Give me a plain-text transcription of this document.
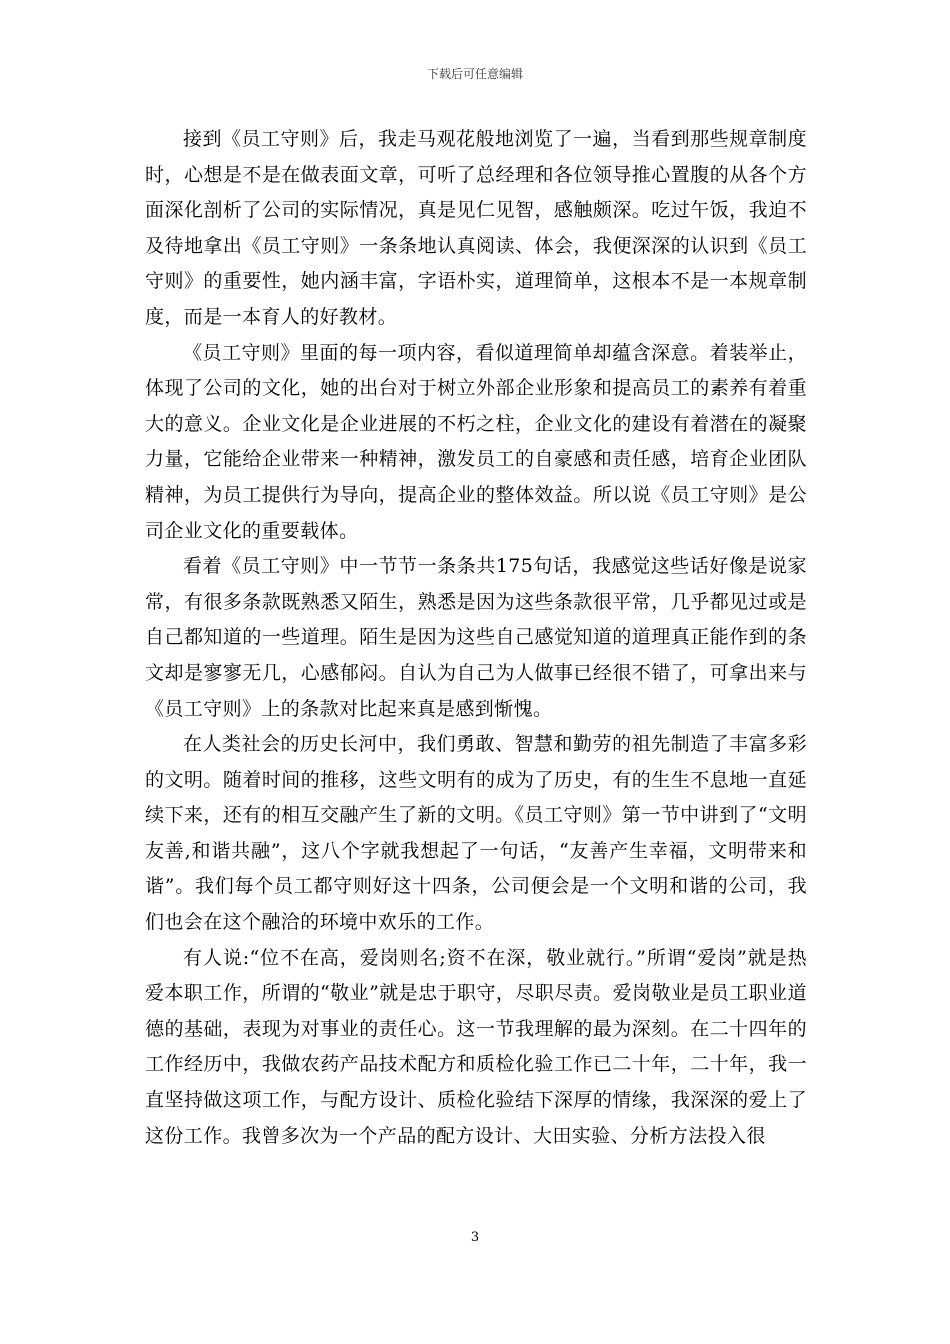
下载后可任意编辑

接到《员工守则》后，我走马观花般地浏览了一遍，当看到那些规章制度时，心想是不是在做表面文章，可听了总经理和各位领导推心置腹的从各个方面深化剖析了公司的实际情况，真是见仁见智，感触颇深。吃过午饭，我迫不及待地拿出《员工守则》一条条地认真阅读、体会，我便深深的认识到《员工守则》的重要性，她内涵丰富，字语朴实，道理简单，这根本不是一本规章制度，而是一本育人的好教材。

《员工守则》里面的每一项内容，看似道理简单却蕴含深意。着装举止，体现了公司的文化，她的出台对于树立外部企业形象和提高员工的素养有着重大的意义。企业文化是企业进展的不朽之柱，企业文化的建设有着潜在的凝聚力量，它能给企业带来一种精神，激发员工的自豪感和责任感，培育企业团队精神，为员工提供行为导向，提高企业的整体效益。所以说《员工守则》是公司企业文化的重要载体。

看着《员工守则》中一节节一条条共175句话，我感觉这些话好像是说家常，有很多条款既熟悉又陌生，熟悉是因为这些条款很平常，几乎都见过或是自己都知道的一些道理。陌生是因为这些自己感觉知道的道理真正能作到的条文却是寥寥无几，心感郁闷。自认为自己为人做事已经很不错了，可拿出来与《员工守则》上的条款对比起来真是感到惭愧。

在人类社会的历史长河中，我们勇敢、智慧和勤劳的祖先制造了丰富多彩的文明。随着时间的推移，这些文明有的成为了历史，有的生生不息地一直延续下来，还有的相互交融产生了新的文明。《员工守则》第一节中讲到了“文明友善,和谐共融”，这八个字就我想起了一句话，“友善产生幸福，文明带来和谐”。我们每个员工都守则好这十四条，公司便会是一个文明和谐的公司，我们也会在这个融洽的环境中欢乐的工作。

有人说:“位不在高，爱岗则名;资不在深，敬业就行。”所谓“爱岗”就是热爱本职工作，所谓的“敬业”就是忠于职守，尽职尽责。爱岗敬业是员工职业道德的基础，表现为对事业的责任心。这一节我理解的最为深刻。在二十四年的工作经历中，我做农药产品技术配方和质检化验工作已二十年，二十年，我一直坚持做这项工作，与配方设计、质检化验结下深厚的情缘，我深深的爱上了这份工作。我曾多次为一个产品的配方设计、大田实验、分析方法投入很

3
